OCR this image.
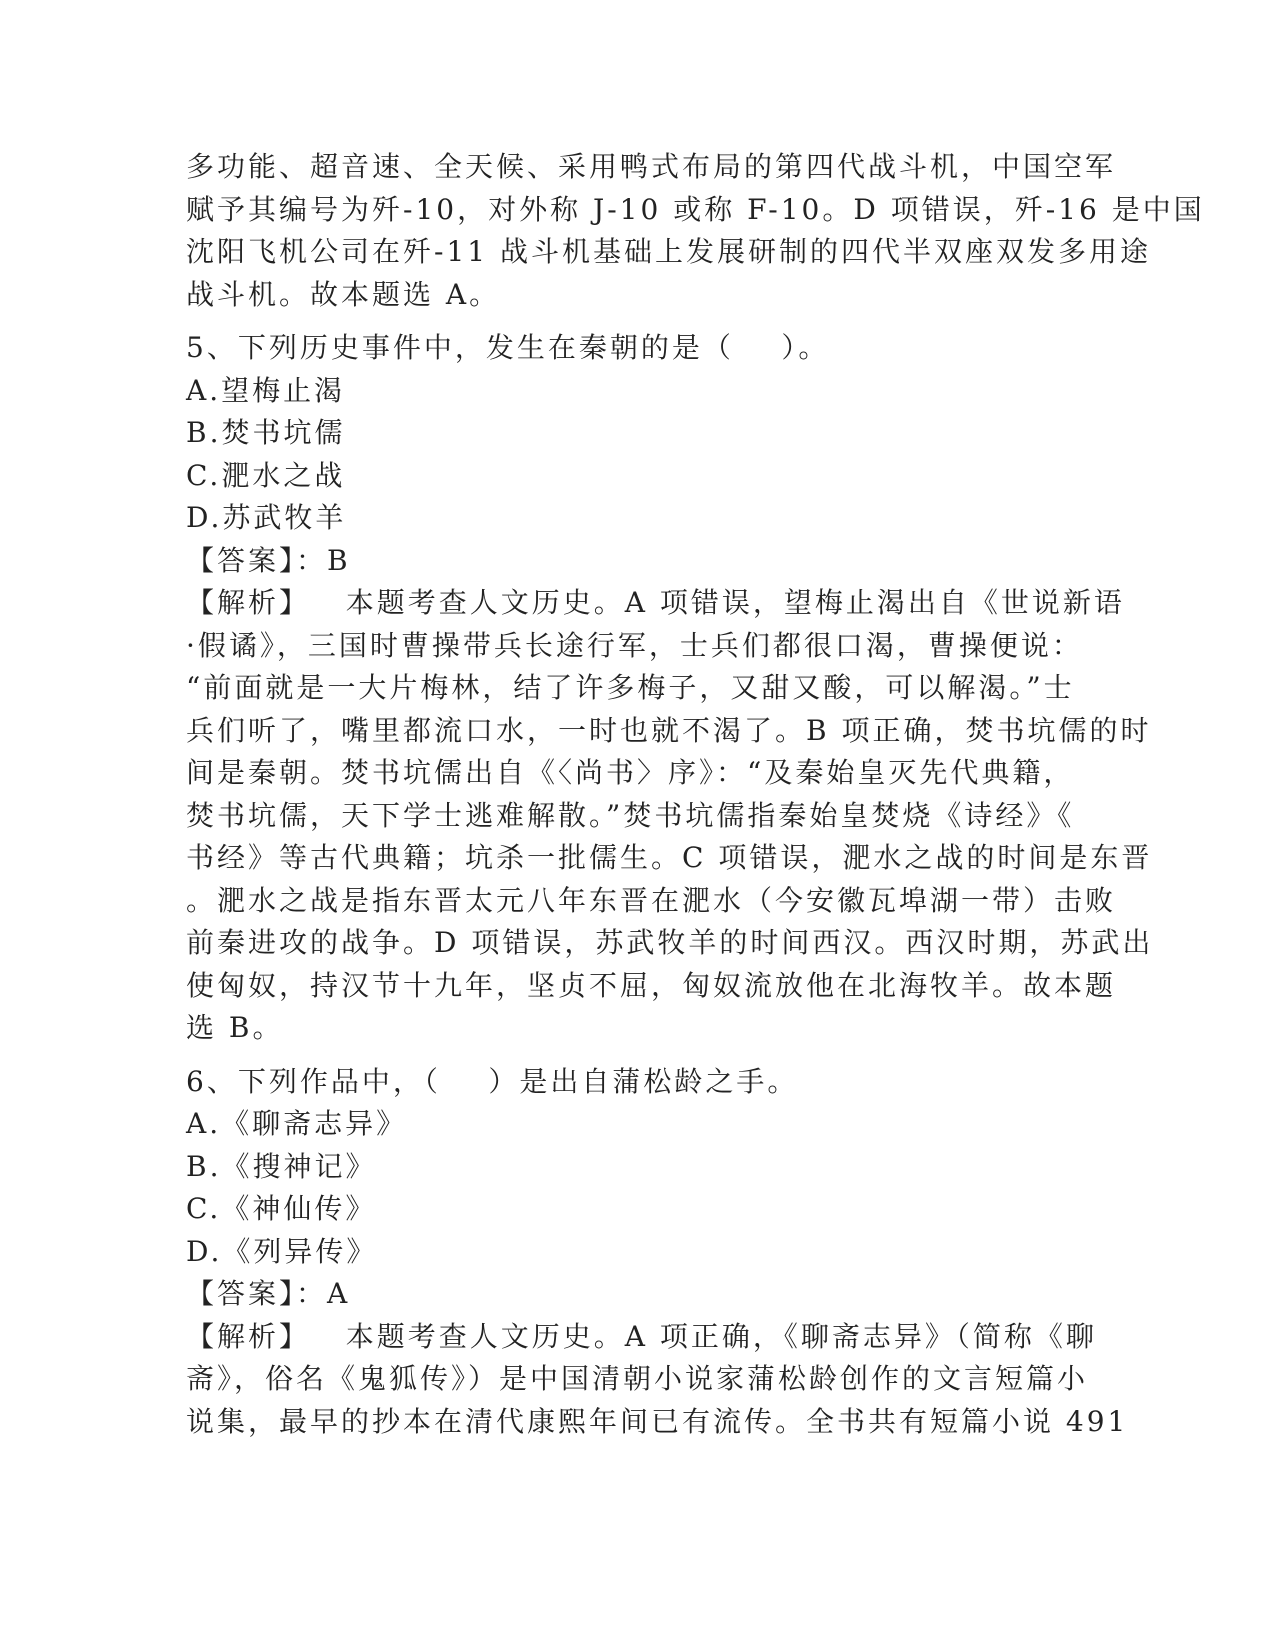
多功能、超音速、全天候、采用鸭式布局的第四代战斗机，中国空军
赋予其编号为歼-10，对外称 J-10 或称 F-10。D 项错误，歼-16 是中国
沈阳飞机公司在歼-11 战斗机基础上发展研制的四代半双座双发多用途
战斗机。故本题选 A。
5、下列历史事件中，发生在秦朝的是（    ）。
A.望梅止渴
B.焚书坑儒
C.淝水之战
D.苏武牧羊
【答案】：B
【解析】   本题考查人文历史。A 项错误，望梅止渴出自《世说新语
·假谲》，三国时曹操带兵长途行军，士兵们都很口渴，曹操便说：
“前面就是一大片梅林，结了许多梅子，又甜又酸，可以解渴。”士
兵们听了，嘴里都流口水，一时也就不渴了。B 项正确，焚书坑儒的时
间是秦朝。焚书坑儒出自《〈尚书〉序》：“及秦始皇灭先代典籍，
焚书坑儒，天下学士逃难解散。”焚书坑儒指秦始皇焚烧《诗经》《
书经》等古代典籍；坑杀一批儒生。C 项错误，淝水之战的时间是东晋
。淝水之战是指东晋太元八年东晋在淝水（今安徽瓦埠湖一带）击败
前秦进攻的战争。D 项错误，苏武牧羊的时间西汉。西汉时期，苏武出
使匈奴，持汉节十九年，坚贞不屈，匈奴流放他在北海牧羊。故本题
选 B。
6、下列作品中，（    ）是出自蒲松龄之手。
A.《聊斋志异》
B.《搜神记》
C.《神仙传》
D.《列异传》
【答案】：A
【解析】   本题考查人文历史。A 项正确，《聊斋志异》（简称《聊
斋》，俗名《鬼狐传》）是中国清朝小说家蒲松龄创作的文言短篇小
说集，最早的抄本在清代康熙年间已有流传。全书共有短篇小说 491
